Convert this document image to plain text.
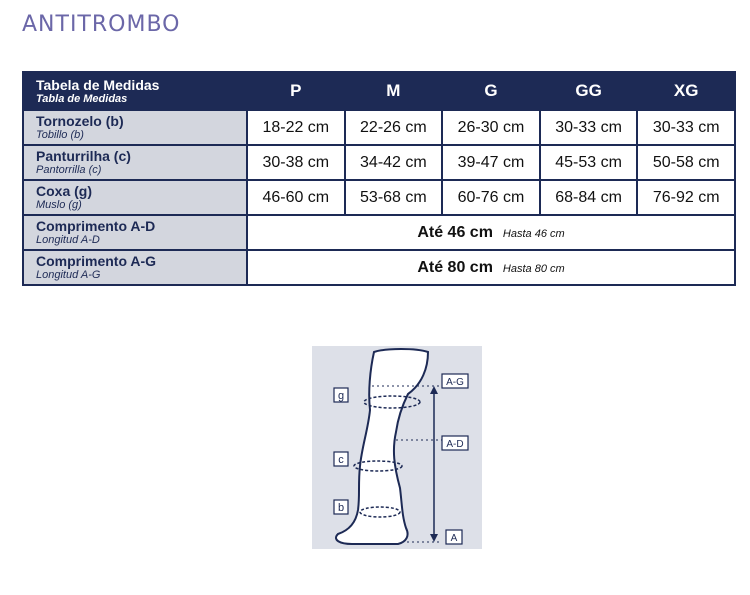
ANTITROMBO
Tabela de Medidas
Tabla de Medidas	P	M	G	GG	XG

Tornozelo (b)
Tobillo (b)	18-22 cm	22-26 cm	26-30 cm	30-33 cm	30-33 cm

Panturrilha (c)
Pantorrilla (c)	30-38 cm	34-42 cm	39-47 cm	45-53 cm	50-58 cm

Coxa (g)
Muslo (g)	46-60 cm	53-68 cm	60-76 cm	68-84 cm	76-92 cm

Comprimento A-D
Longitud A-D	Até 46 cm Hasta 46 cm				

Comprimento A-G
Longitud A-G	Até 80 cm Hasta 80 cm				
g
c
b
A-G
A-D
A
